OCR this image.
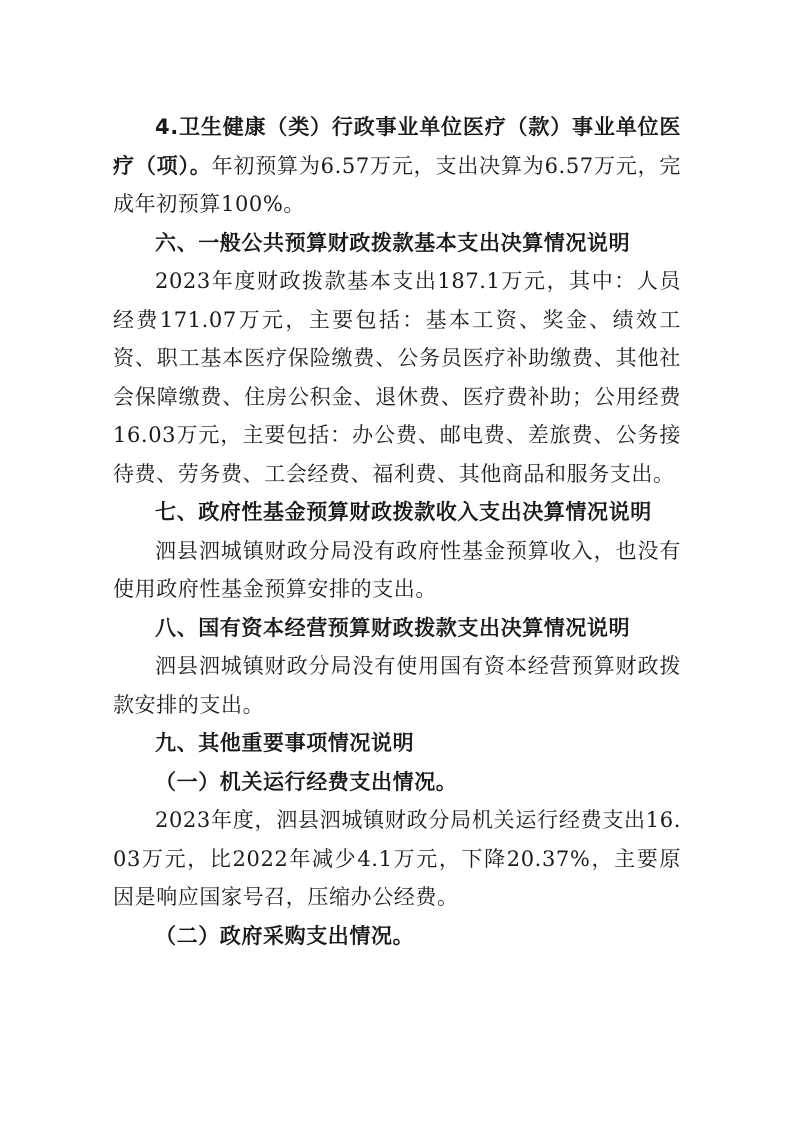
4.卫生健康（类）行政事业单位医疗（款）事业单位医疗（项）。年初预算为6.57万元，支出决算为6.57万元，完成年初预算100%。

六、一般公共预算财政拨款基本支出决算情况说明

2023年度财政拨款基本支出187.1万元，其中：人员经费171.07万元，主要包括：基本工资、奖金、绩效工资、职工基本医疗保险缴费、公务员医疗补助缴费、其他社会保障缴费、住房公积金、退休费、医疗费补助；公用经费16.03万元，主要包括：办公费、邮电费、差旅费、公务接待费、劳务费、工会经费、福利费、其他商品和服务支出。

七、政府性基金预算财政拨款收入支出决算情况说明

泗县泗城镇财政分局没有政府性基金预算收入，也没有使用政府性基金预算安排的支出。

八、国有资本经营预算财政拨款支出决算情况说明

泗县泗城镇财政分局没有使用国有资本经营预算财政拨款安排的支出。

九、其他重要事项情况说明

（一）机关运行经费支出情况。

2023年度，泗县泗城镇财政分局机关运行经费支出16.03万元，比2022年减少4.1万元，下降20.37%，主要原因是响应国家号召，压缩办公经费。

（二）政府采购支出情况。
